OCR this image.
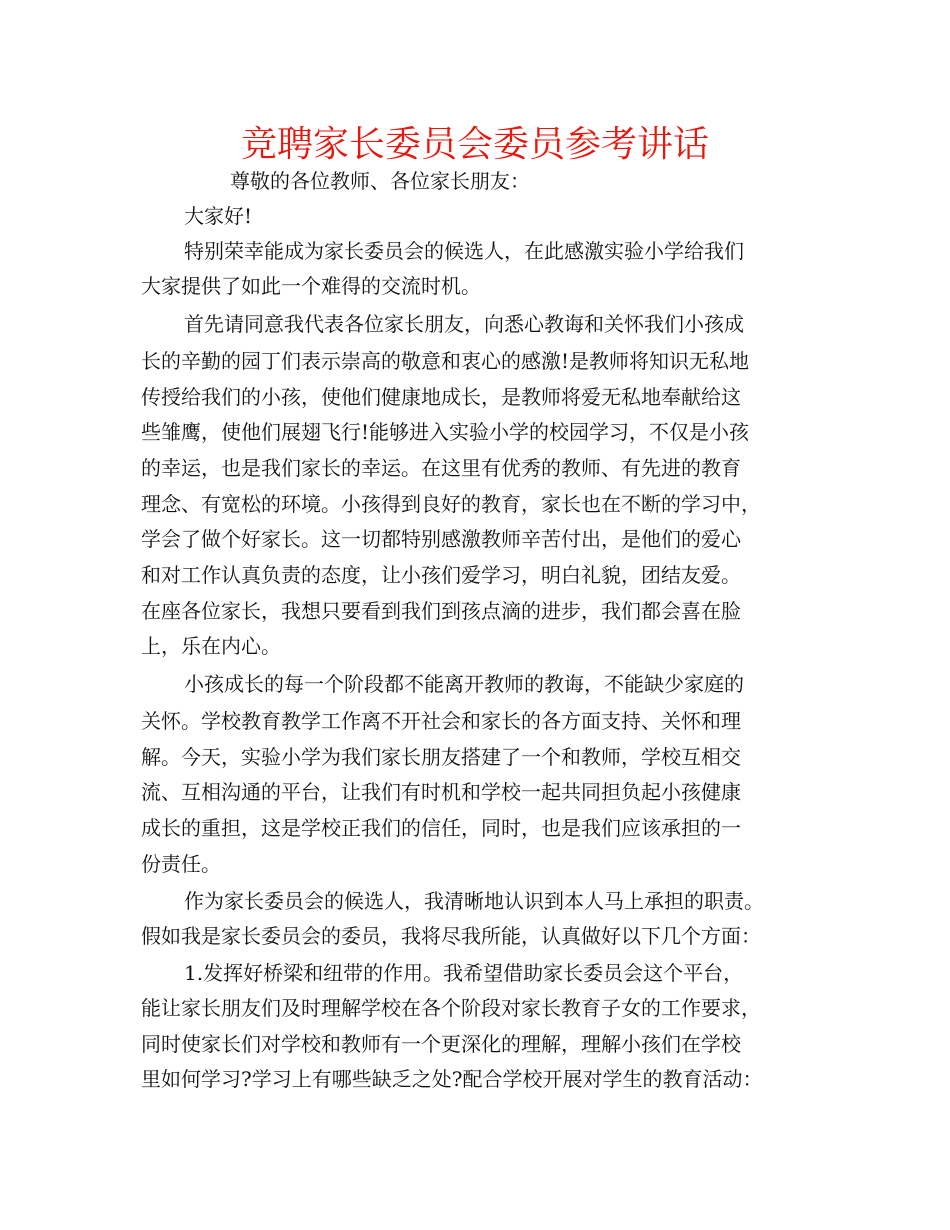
竞聘家长委员会委员参考讲话

尊敬的各位教师、各位家长朋友：

大家好!

特别荣幸能成为家长委员会的候选人，在此感激实验小学给我们

大家提供了如此一个难得的交流时机。

首先请同意我代表各位家长朋友，向悉心教诲和关怀我们小孩成

长的辛勤的园丁们表示崇高的敬意和衷心的感激!是教师将知识无私地

传授给我们的小孩，使他们健康地成长，是教师将爱无私地奉献给这

些雏鹰，使他们展翅飞行!能够进入实验小学的校园学习，不仅是小孩

的幸运，也是我们家长的幸运。在这里有优秀的教师、有先进的教育

理念、有宽松的环境。小孩得到良好的教育，家长也在不断的学习中，

学会了做个好家长。这一切都特别感激教师辛苦付出，是他们的爱心

和对工作认真负责的态度，让小孩们爱学习，明白礼貌，团结友爱。

在座各位家长，我想只要看到我们到孩点滴的进步，我们都会喜在脸

上，乐在内心。

小孩成长的每一个阶段都不能离开教师的教诲，不能缺少家庭的

关怀。学校教育教学工作离不开社会和家长的各方面支持、关怀和理

解。今天，实验小学为我们家长朋友搭建了一个和教师，学校互相交

流、互相沟通的平台，让我们有时机和学校一起共同担负起小孩健康

成长的重担，这是学校正我们的信任，同时，也是我们应该承担的一

份责任。

作为家长委员会的候选人，我清晰地认识到本人马上承担的职责。

假如我是家长委员会的委员，我将尽我所能，认真做好以下几个方面：

1.发挥好桥梁和纽带的作用。我希望借助家长委员会这个平台，

能让家长朋友们及时理解学校在各个阶段对家长教育子女的工作要求，

同时使家长们对学校和教师有一个更深化的理解，理解小孩们在学校

里如何学习?学习上有哪些缺乏之处?配合学校开展对学生的教育活动：
